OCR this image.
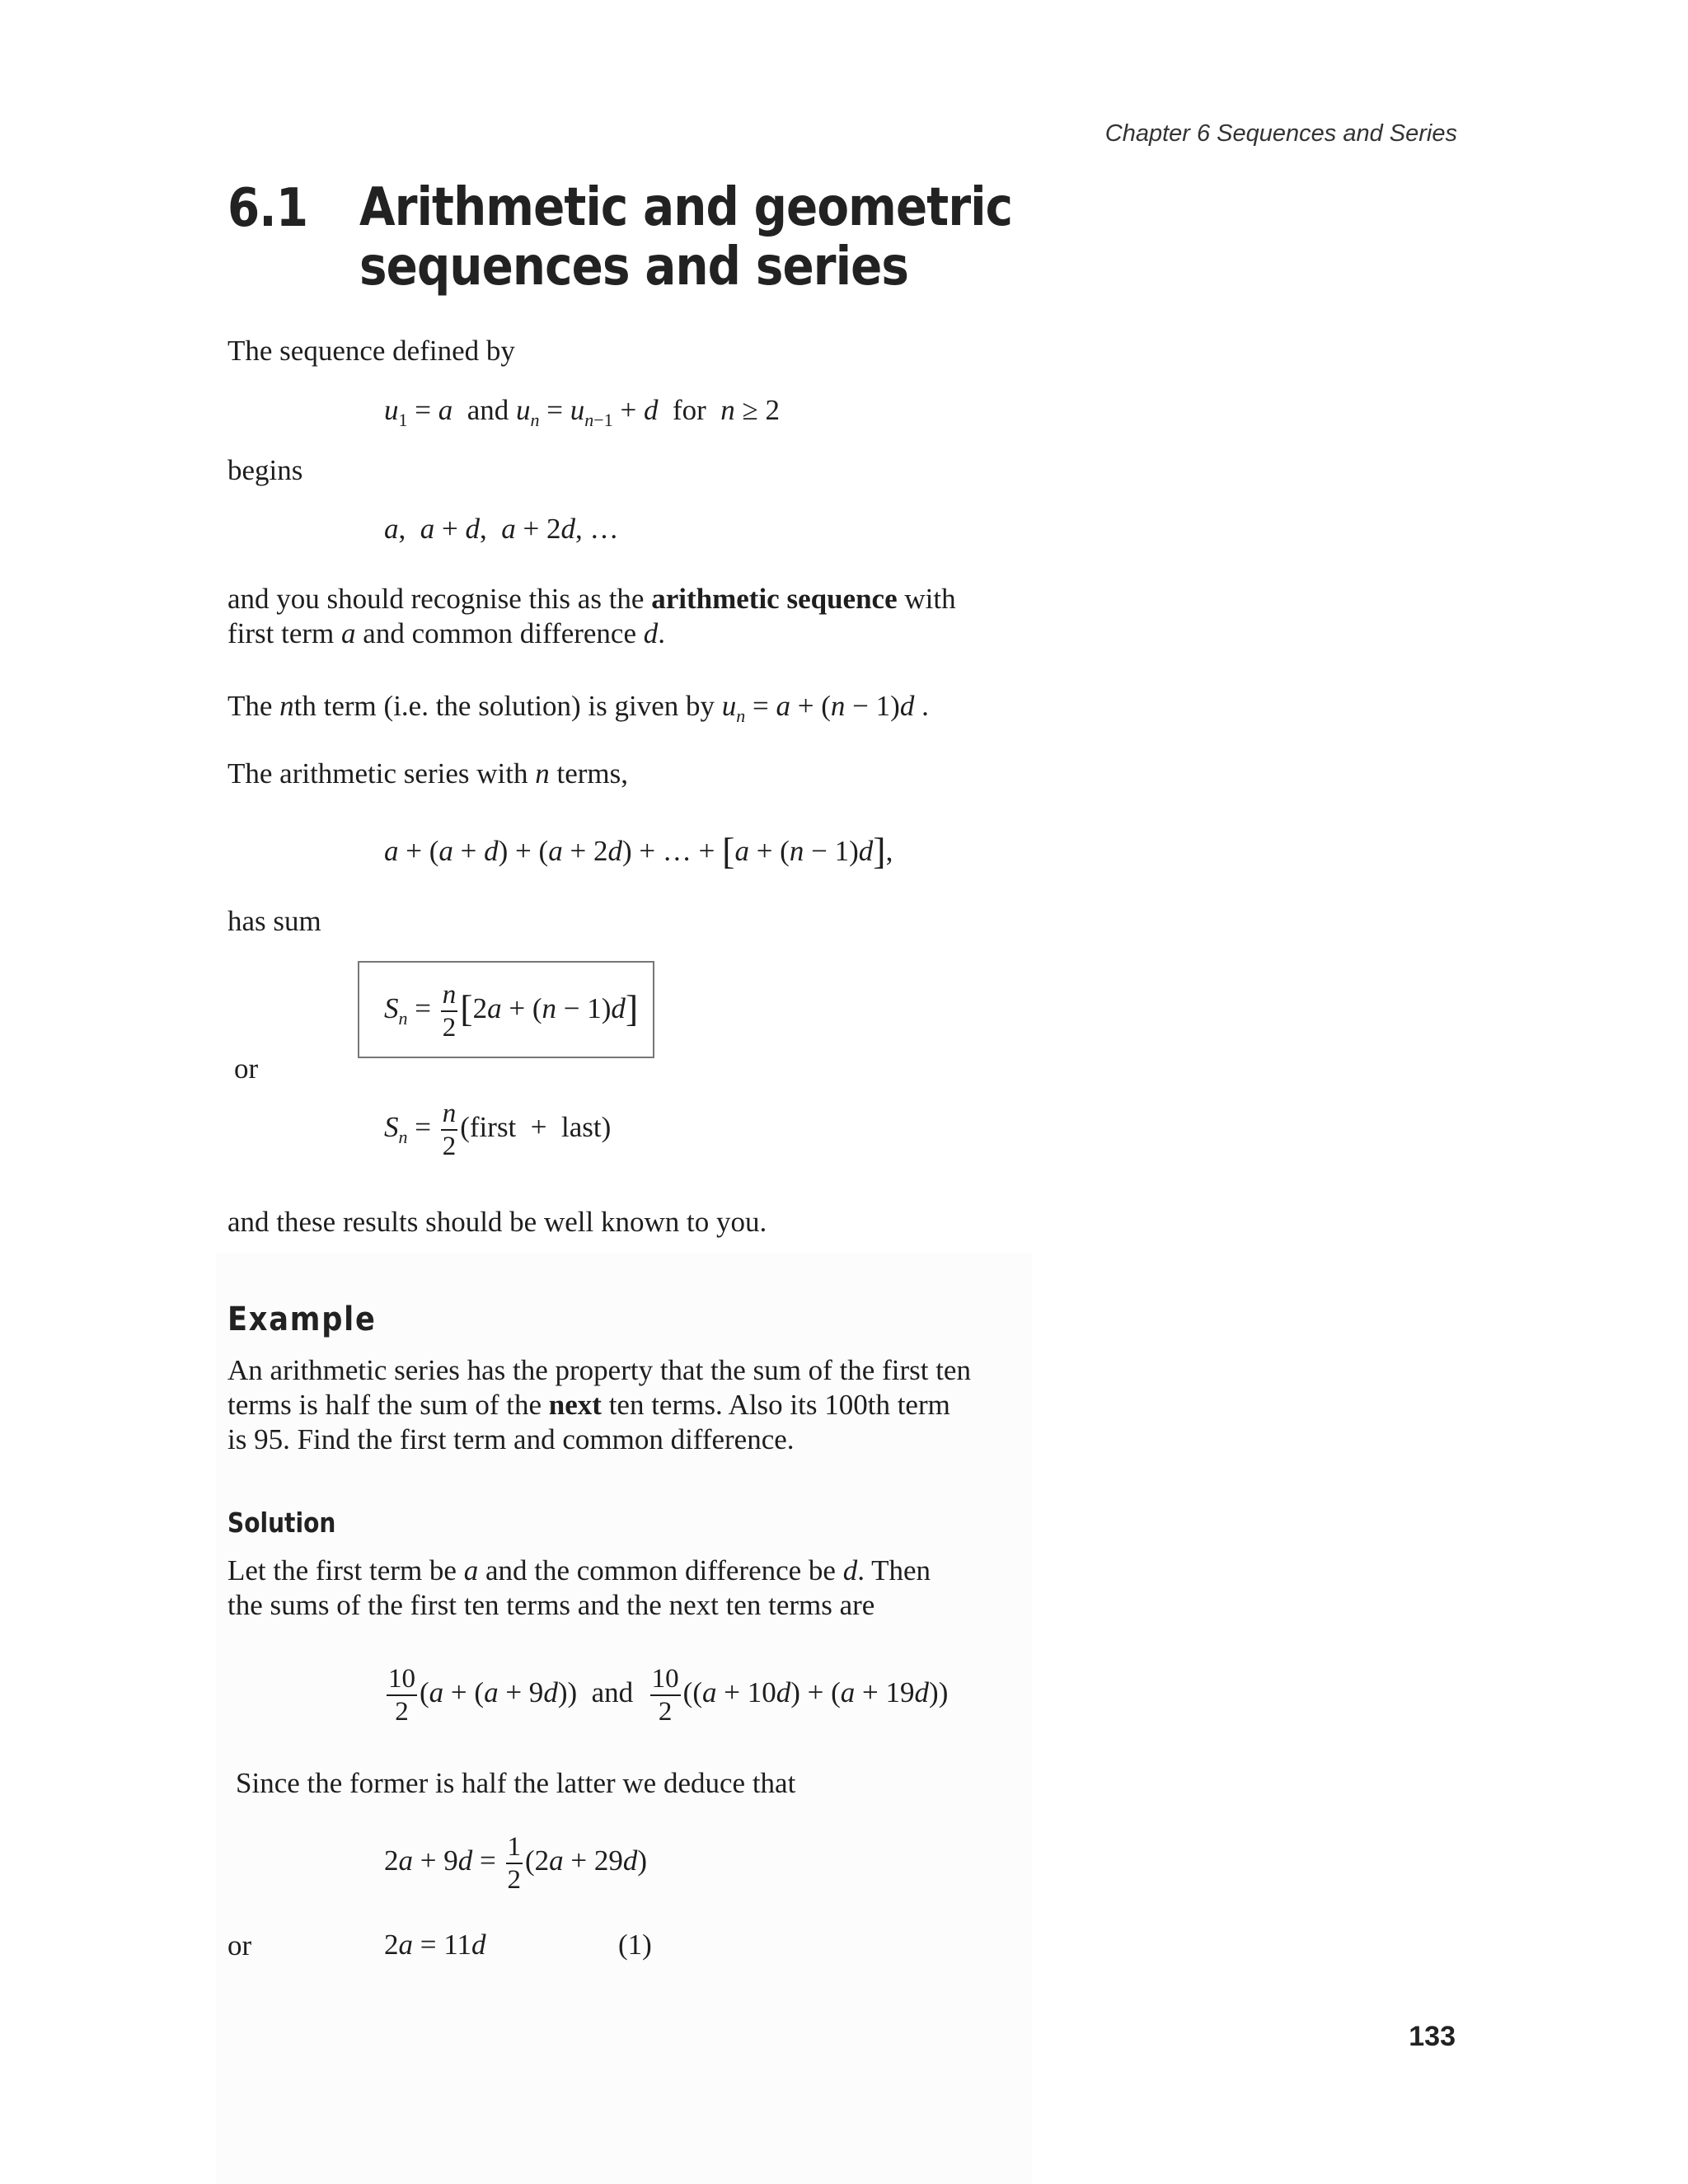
Chapter 6 Sequences and Series
6.1 Arithmetic and geometric
sequences and series
The sequence defined by
$u_1 = a$  and $u_n = u_{n-1} + d$  for  n ≥ 2
begins
a,  a + d,  a + 2d, …
and you should recognise this as the arithmetic sequence with
first term a and common difference d.
The nth term (i.e. the solution) is given by $u_n = a + (n - 1)d$ .
The arithmetic series with n terms,
a + (a + d) + (a + 2d) + … + [a + (n − 1)d],
has sum
$S_n = \frac{n}{2} [2a + (n - 1)d]$
or
$S_n = \frac{n}{2}$ (first  +  last)
and these results should be well known to you.
Example
An arithmetic series has the property that the sum of the first ten
terms is half the sum of the next ten terms. Also its 100th term
is 95. Find the first term and common difference.
Solution
Let the first term be a and the common difference be d. Then
the sums of the first ten terms and the next ten terms are
$\frac{10}{2} (a + (a + 9d))$  and $\frac{10}{2} ((a + 10d) + (a + 19d))$
Since the former is half the latter we deduce that
$2a + 9d = \frac{1}{2} (2a + 29d)$
or	2a = 11d	(1)
133
